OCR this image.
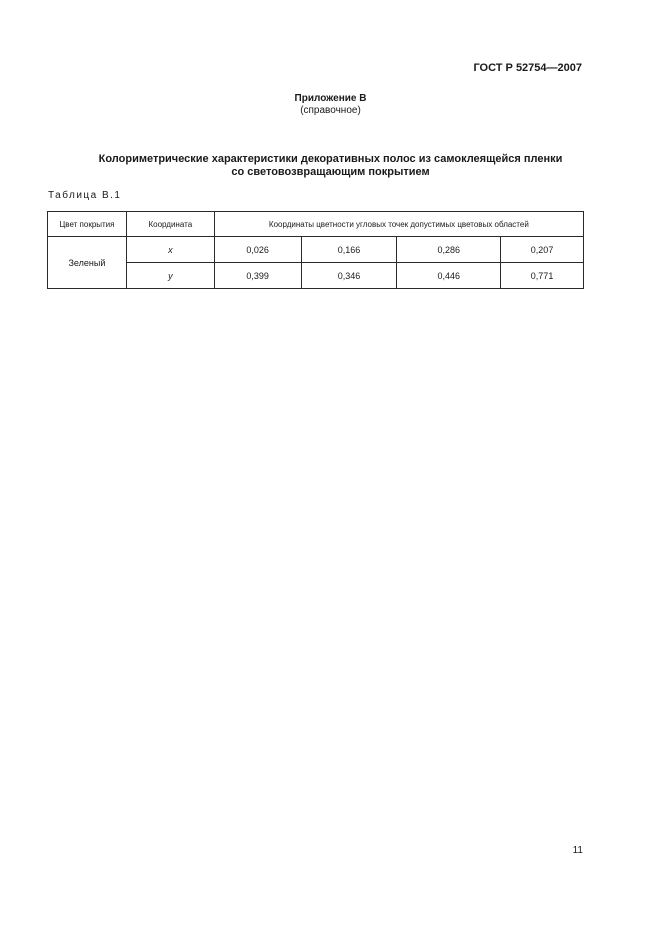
ГОСТ Р 52754—2007
Приложение В
(справочное)
Колориметрические характеристики декоративных полос из самоклеящейся пленки
со световозвращающим покрытием
Таблица В.1
Цвет покрытия	Координата	Координаты цветности угловых точек допустимых цветовых областей			
Зеленый	x	0,026	0,166	0,286	0,207
	y	0,399	0,346	0,446	0,771
11
